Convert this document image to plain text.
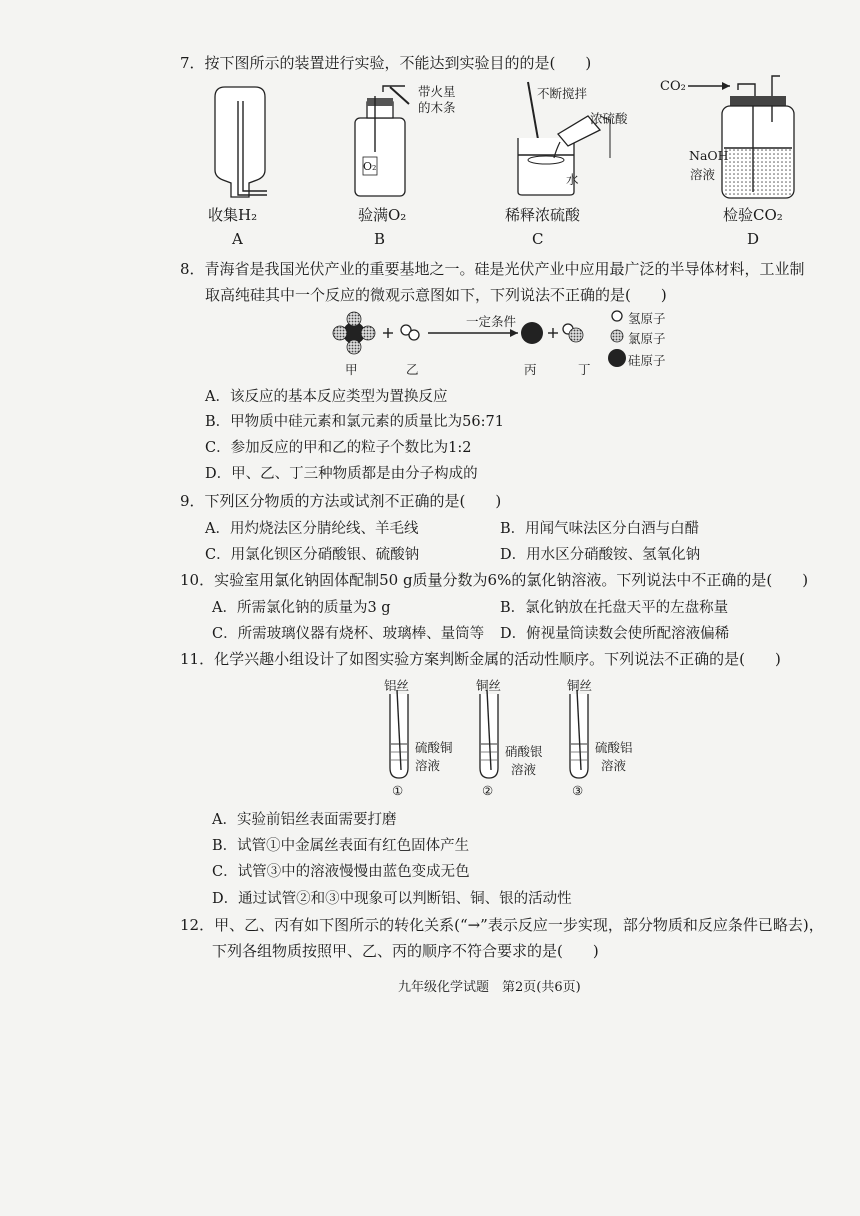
7．按下图所示的装置进行实验，不能达到实验目的的是(　　)
带火星
的木条
O₂
不断搅拌
浓硫酸
水
CO₂
NaOH
溶液
收集H₂	验满O₂	稀释浓硫酸	检验CO₂
A	B	C	D
8．青海省是我国光伏产业的重要基地之一。硅是光伏产业中应用最广泛的半导体材料，工业制
取高纯硅其中一个反应的微观示意图如下，下列说法不正确的是(　　)
一定条件
甲	乙	丙	丁
氢原子
氯原子
硅原子
A．该反应的基本反应类型为置换反应
B．甲物质中硅元素和氯元素的质量比为56:71
C．参加反应的甲和乙的粒子个数比为1:2
D．甲、乙、丁三种物质都是由分子构成的
9．下列区分物质的方法或试剂不正确的是(　　)
A．用灼烧法区分腈纶线、羊毛线	B．用闻气味法区分白酒与白醋
C．用氯化钡区分硝酸银、硫酸钠	D．用水区分硝酸铵、氢氧化钠
10．实验室用氯化钠固体配制50 g质量分数为6%的氯化钠溶液。下列说法中不正确的是(　　)
A．所需氯化钠的质量为3 g	B．氯化钠放在托盘天平的左盘称量
C．所需玻璃仪器有烧杯、玻璃棒、量筒等 D．俯视量筒读数会使所配溶液偏稀
11．化学兴趣小组设计了如图实验方案判断金属的活动性顺序。下列说法不正确的是(　　)
铝丝	铜丝	铜丝
硫酸铜
溶液
硝酸银
溶液
硫酸铝
溶液
①	②	③
A．实验前铝丝表面需要打磨
B．试管①中金属丝表面有红色固体产生
C．试管③中的溶液慢慢由蓝色变成无色
D．通过试管②和③中现象可以判断铝、铜、银的活动性
12．甲、乙、丙有如下图所示的转化关系(“→”表示反应一步实现，部分物质和反应条件已略去)，
下列各组物质按照甲、乙、丙的顺序不符合要求的是(　　)
九年级化学试题　第2页(共6页)
